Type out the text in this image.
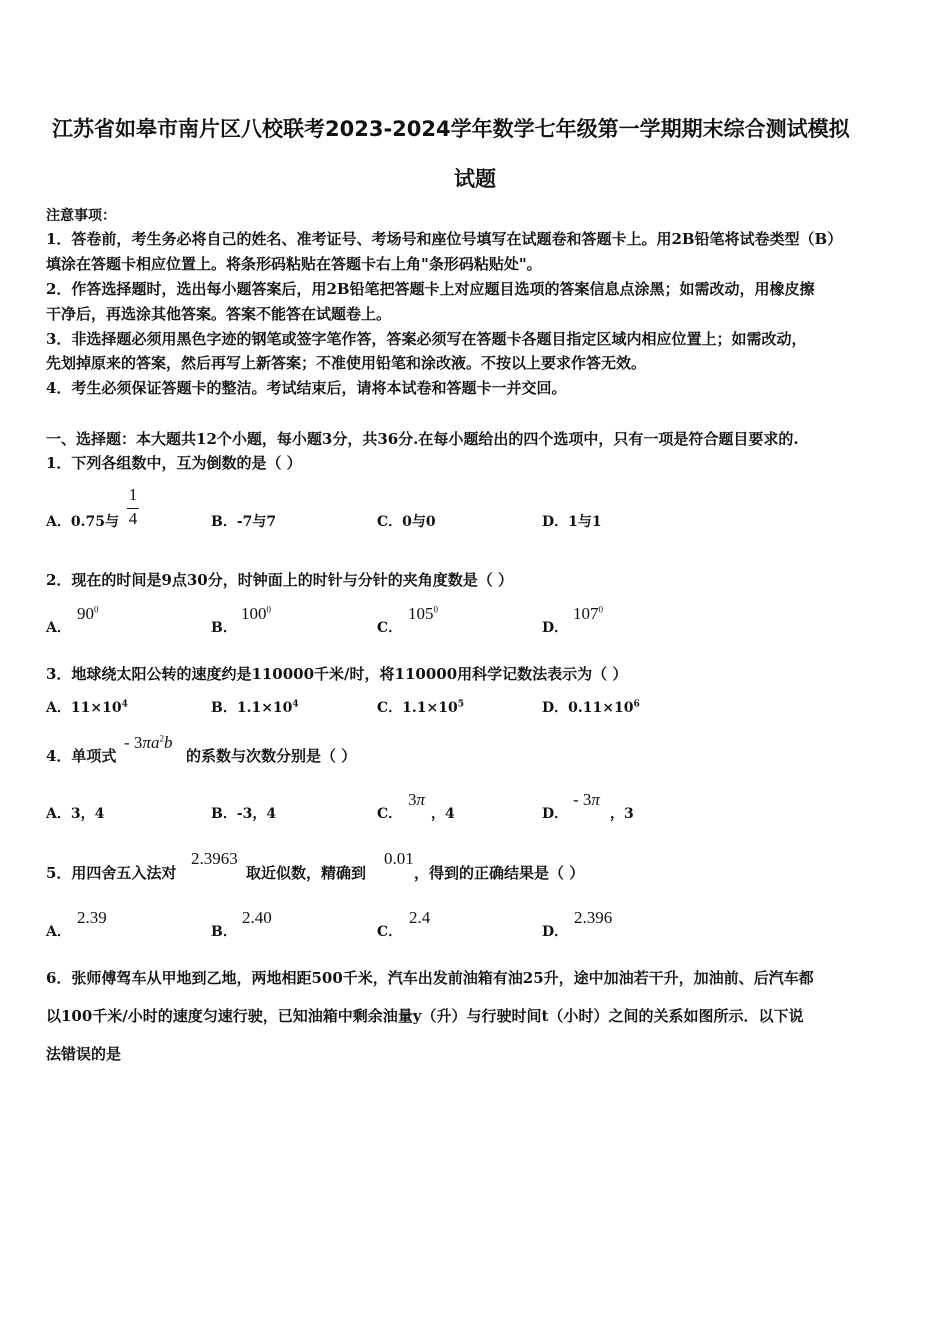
江苏省如皋市南片区八校联考2023-2024学年数学七年级第一学期期末综合测试模拟
试题
注意事项：
1．答卷前，考生务必将自己的姓名、准考证号、考场号和座位号填写在试题卷和答题卡上。用2B铅笔将试卷类型（B）
填涂在答题卡相应位置上。将条形码粘贴在答题卡右上角"条形码粘贴处"。
2．作答选择题时，选出每小题答案后，用2B铅笔把答题卡上对应题目选项的答案信息点涂黑；如需改动，用橡皮擦
干净后，再选涂其他答案。答案不能答在试题卷上。
3．非选择题必须用黑色字迹的钢笔或签字笔作答，答案必须写在答题卡各题目指定区域内相应位置上；如需改动，
先划掉原来的答案，然后再写上新答案；不准使用铅笔和涂改液。不按以上要求作答无效。
4．考生必须保证答题卡的整洁。考试结束后，请将本试卷和答题卡一并交回。
一、选择题：本大题共12个小题，每小题3分，共36分.在每小题给出的四个选项中，只有一项是符合题目要求的.
1．下列各组数中，互为倒数的是（ ）
A．0.75与
1
4	B．-7与7	C．0与0	D．1与1
2．现在的时间是9点30分，时钟面上的时针与分针的夹角度数是（ ）
A．
$90^0$
B．
$100^0$
C．
$105^0$
D．
$107^0$
3．地球绕太阳公转的速度约是110000千米/时，将110000用科学记数法表示为（ ）
A．$11\times 10^4$	B．$1.1\times 10^4$	C．$1.1\times 10^5$	D．$0.11\times 10^6$
4．单项式
- $3\pi a^2b$
的系数与次数分别是（ ）
A．3，4	B．-3，4	C．
3π
，4	D．
- 3π
，3
5．用四舍五入法对
2.3963
取近似数，精确到
0.01
，得到的正确结果是（ ）
A．
2.39
B．
2.40
C．
2.4
D．
2.396
6．张师傅驾车从甲地到乙地，两地相距500千米，汽车出发前油箱有油25升，途中加油若干升，加油前、后汽车都
以100千米/小时的速度匀速行驶，已知油箱中剩余油量y（升）与行驶时间t（小时）之间的关系如图所示．以下说
法错误的是
